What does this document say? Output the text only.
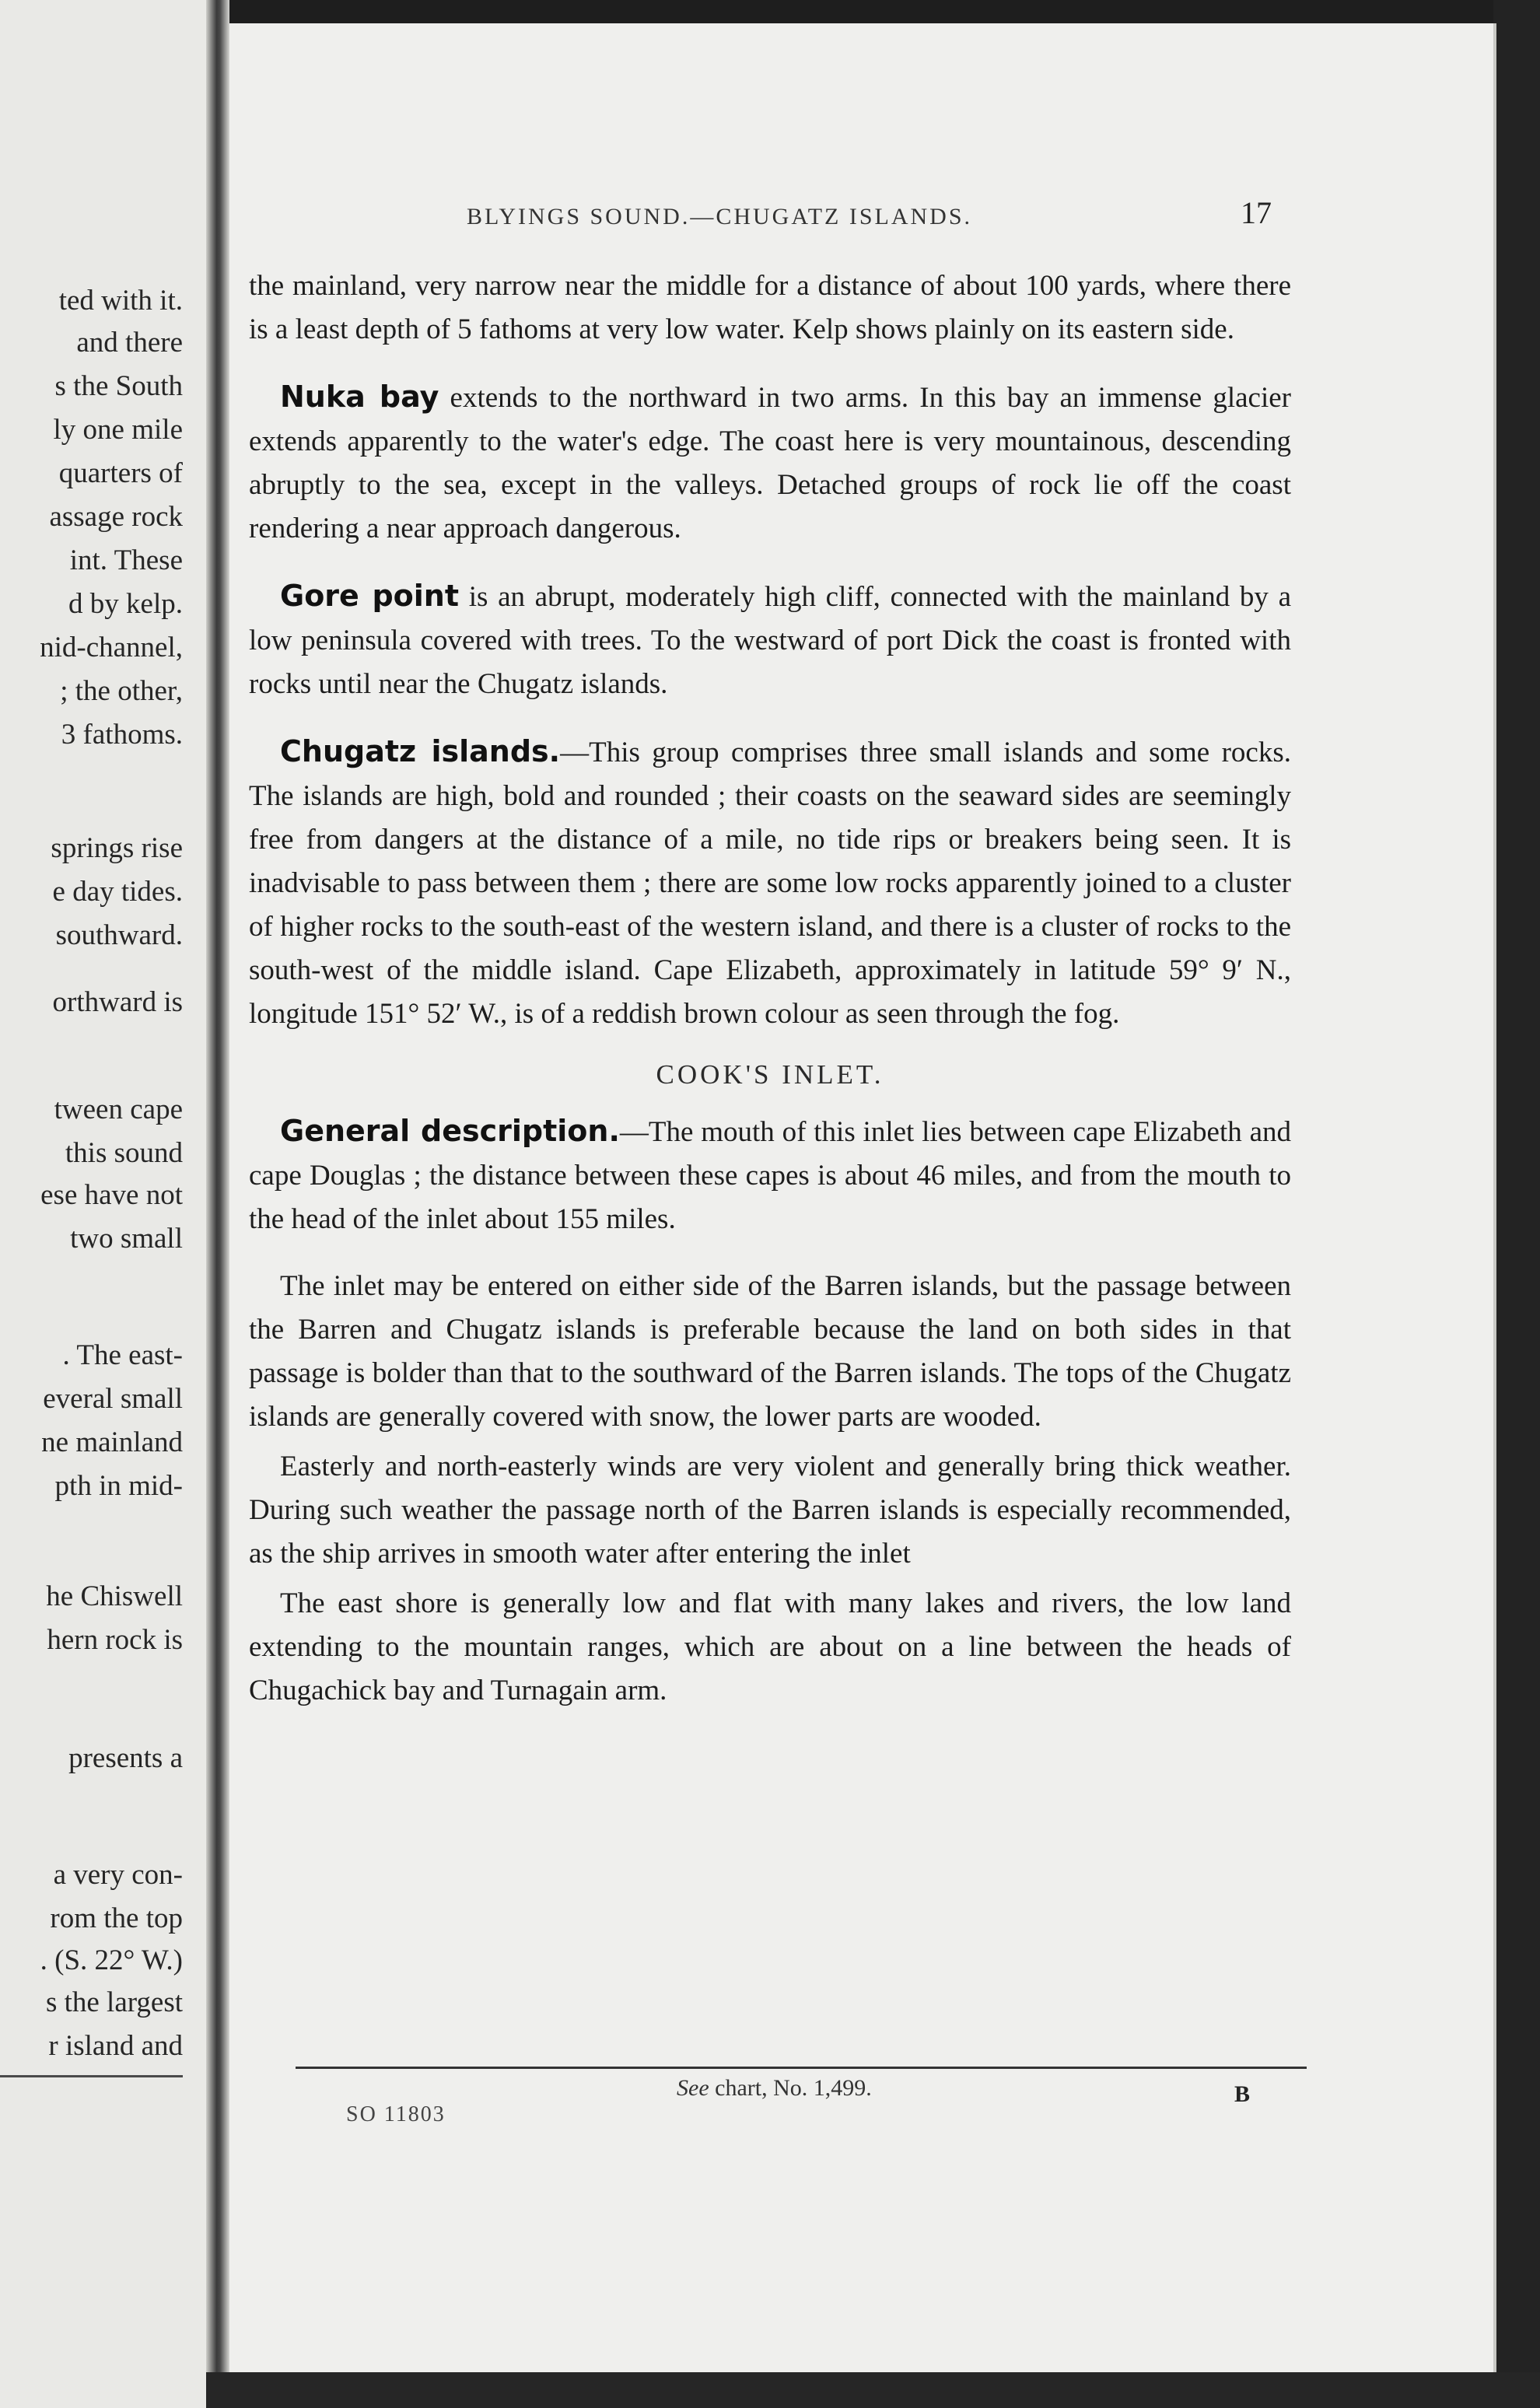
ted with it.
and there
s the South
ly one mile
quarters of
assage rock
int. These
d by kelp.
nid-channel,
; the other,
3 fathoms.
springs rise
e day tides.
southward.
orthward is
tween cape
this sound
ese have not
two small
. The east-
everal small
ne mainland
pth in mid-
he Chiswell
hern rock is
presents a
a very con-
rom the top
. (S. 22° W.)
s the largest
r island and
BLYINGS SOUND.—CHUGATZ ISLANDS.	17

the mainland, very narrow near the middle for a distance of about 100 yards, where there is a least depth of 5 fathoms at very low water. Kelp shows plainly on its eastern side.

Nuka bay extends to the northward in two arms. In this bay an immense glacier extends apparently to the water's edge. The coast here is very mountainous, descending abruptly to the sea, except in the valleys. Detached groups of rock lie off the coast rendering a near approach dangerous.

Gore point is an abrupt, moderately high cliff, connected with the mainland by a low peninsula covered with trees. To the westward of port Dick the coast is fronted with rocks until near the Chugatz islands.

Chugatz islands.—This group comprises three small islands and some rocks. The islands are high, bold and rounded ; their coasts on the seaward sides are seemingly free from dangers at the distance of a mile, no tide rips or breakers being seen. It is inadvisable to pass between them ; there are some low rocks apparently joined to a cluster of higher rocks to the south-east of the western island, and there is a cluster of rocks to the south-west of the middle island. Cape Elizabeth, approximately in latitude 59° 9′ N., longitude 151° 52′ W., is of a reddish brown colour as seen through the fog.

COOK'S INLET.

General description.—The mouth of this inlet lies between cape Elizabeth and cape Douglas ; the distance between these capes is about 46 miles, and from the mouth to the head of the inlet about 155 miles.

The inlet may be entered on either side of the Barren islands, but the passage between the Barren and Chugatz islands is preferable because the land on both sides in that passage is bolder than that to the southward of the Barren islands. The tops of the Chugatz islands are generally covered with snow, the lower parts are wooded.

Easterly and north-easterly winds are very violent and generally bring thick weather. During such weather the passage north of the Barren islands is especially recommended, as the ship arrives in smooth water after entering the inlet

The east shore is generally low and flat with many lakes and rivers, the low land extending to the mountain ranges, which are about on a line between the heads of Chugachick bay and Turnagain arm.

See chart, No. 1,499.
SO 11803
B
